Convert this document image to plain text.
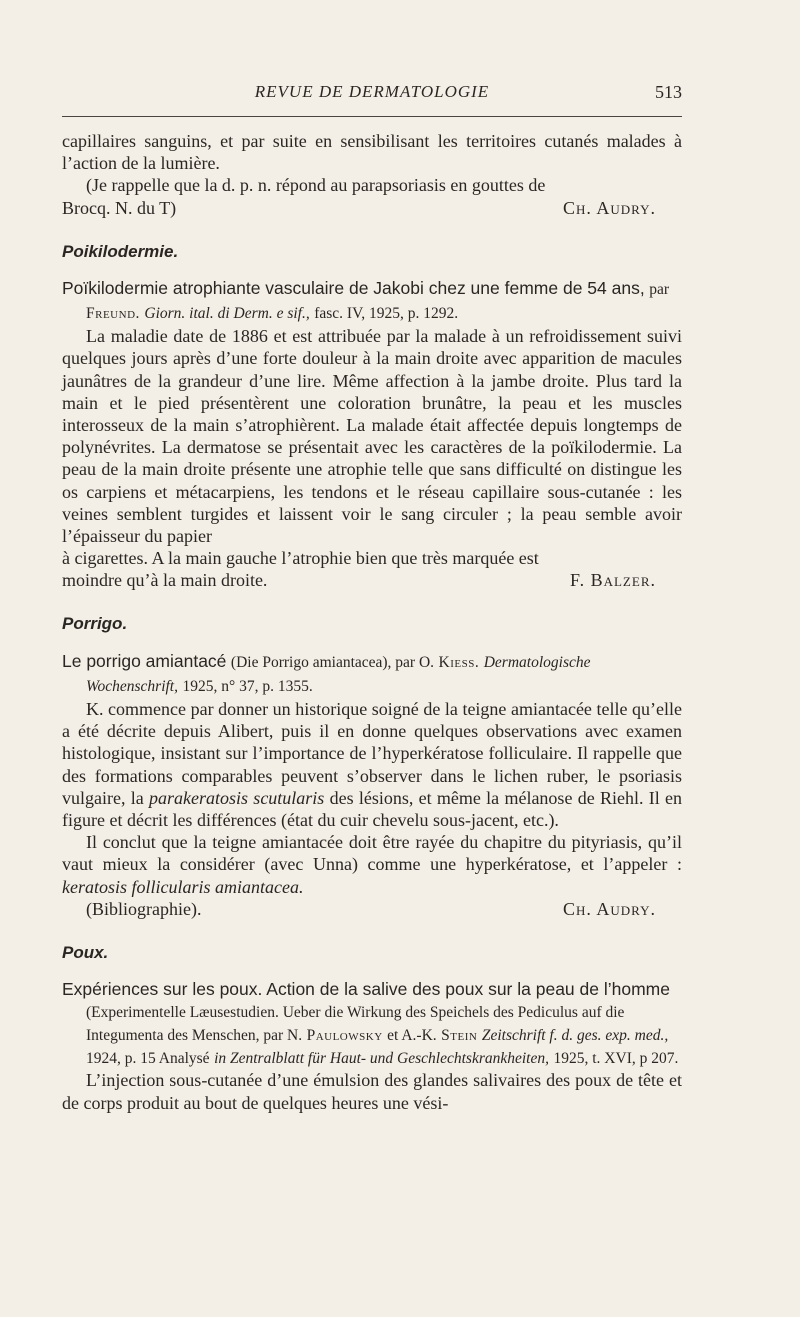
REVUE DE DERMATOLOGIE	513

capillaires sanguins, et par suite en sensibilisant les territoires cutanés malades à l’action de la lumière.

(Je rappelle que la d. p. n. répond au parapsoriasis en gouttes de

Brocq. N. du T)	Ch. Audry.
Poikilodermie.

Poïkilodermie atrophiante vasculaire de Jakobi chez une femme de 54 ans, par Freund. Giorn. ital. di Derm. e sif., fasc. IV, 1925, p. 1292.

La maladie date de 1886 et est attribuée par la malade à un refroidissement suivi quelques jours après d’une forte douleur à la main droite avec apparition de macules jaunâtres de la grandeur d’une lire. Même affection à la jambe droite. Plus tard la main et le pied présentèrent une coloration brunâtre, la peau et les muscles interosseux de la main s’atrophièrent. La malade était affectée depuis longtemps de polynévrites. La dermatose se présentait avec les caractères de la poïkilodermie. La peau de la main droite présente une atrophie telle que sans difficulté on distingue les os carpiens et métacarpiens, les tendons et le réseau capillaire sous-cutanée : les veines semblent turgides et laissent voir le sang circuler ; la peau semble avoir l’épaisseur du papier

à cigarettes. A la main gauche l’atrophie bien que très marquée est

moindre qu’à la main droite.	F. Balzer.
Porrigo.

Le porrigo amiantacé (Die Porrigo amiantacea), par O. Kiess. Dermatologische Wochenschrift, 1925, n° 37, p. 1355.

K. commence par donner un historique soigné de la teigne amiantacée telle qu’elle a été décrite depuis Alibert, puis il en donne quelques observations avec examen histologique, insistant sur l’importance de l’hyperkératose folliculaire. Il rappelle que des formations comparables peuvent s’observer dans le lichen ruber, le psoriasis vulgaire, la parakeratosis scutularis des lésions, et même la mélanose de Riehl. Il en figure et décrit les différences (état du cuir chevelu sous-jacent, etc.).

Il conclut que la teigne amiantacée doit être rayée du chapitre du pityriasis, qu’il vaut mieux la considérer (avec Unna) comme une hyperkératose, et l’appeler : keratosis follicularis amiantacea.

(Bibliographie).	Ch. Audry.
Poux.

Expériences sur les poux. Action de la salive des poux sur la peau de l’homme (Experimentelle Læusestudien. Ueber die Wirkung des Speichels des Pediculus auf die Integumenta des Menschen, par N. Paulowsky et A.-K. Stein Zeitschrift f. d. ges. exp. med., 1924, p. 15 Analysé in Zentralblatt für Haut- und Geschlechtskrankheiten, 1925, t. XVI, p 207.

L’injection sous-cutanée d’une émulsion des glandes salivaires des poux de tête et de corps produit au bout de quelques heures une vési-
